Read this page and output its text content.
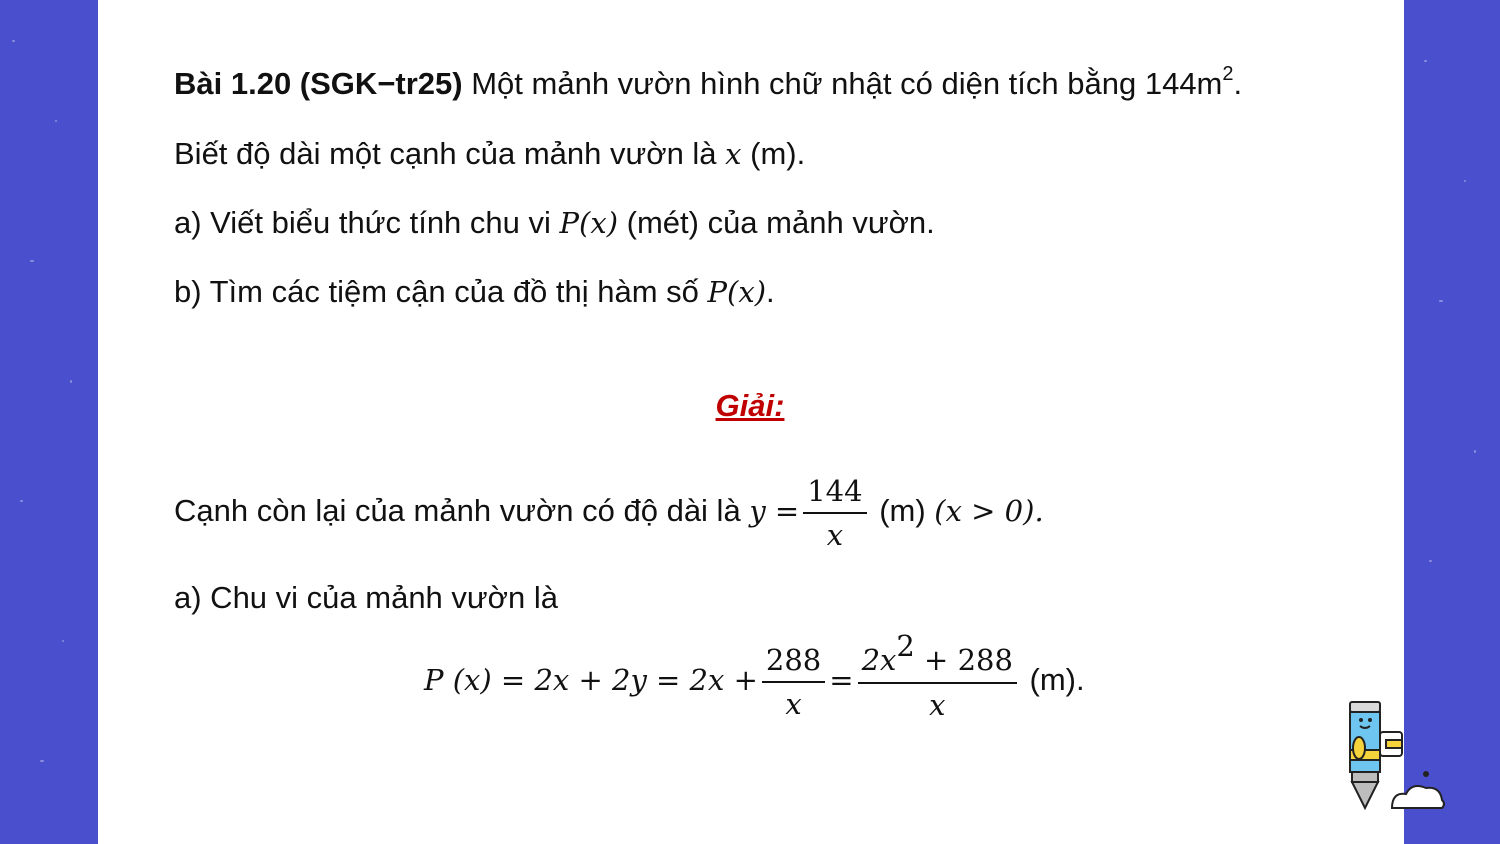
Bài 1.20 (SGK−tr25) Một mảnh vườn hình chữ nhật có diện tích bằng $144m^2$.
Biết độ dài một cạnh của mảnh vườn là x (m).
a) Viết biểu thức tính chu vi P(x) (mét) của mảnh vườn.
b) Tìm các tiệm cận của đồ thị hàm số P(x).
Giải:
Cạnh còn lại của mảnh vườn có độ dài là $y = \frac{144}{x} (m) (x > 0)$.
a) Chu vi của mảnh vườn là
P $(x) = 2x + 2y = 2x + \frac{288}{x} = \frac{2x^2 + 288}{x} (m)$.
